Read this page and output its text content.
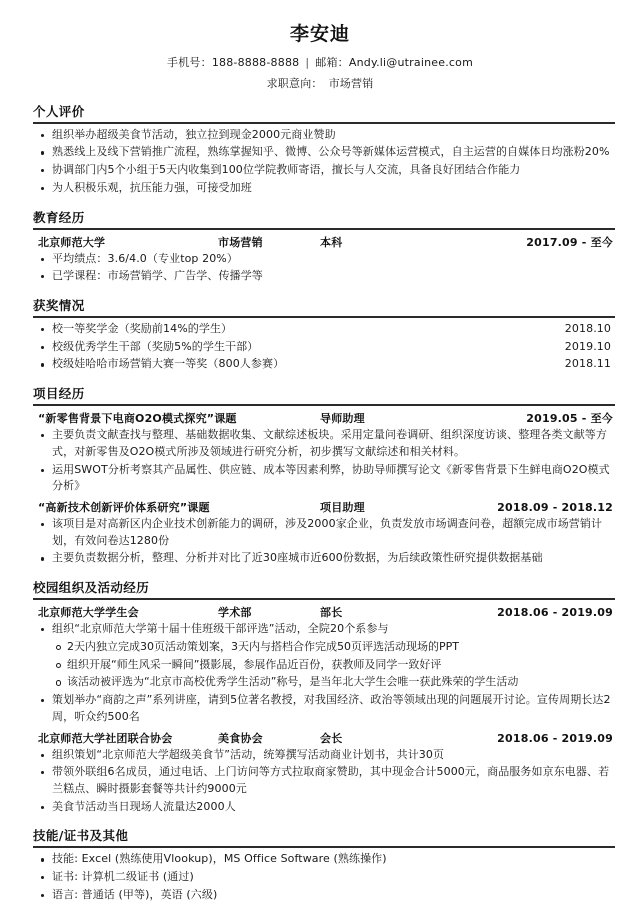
李安迪
手机号：188-8888-8888 | 邮箱：Andy.li@utrainee.com
求职意向： 市场营销
个人评价
组织举办超级美食节活动，独立拉到现金2000元商业赞助
熟悉线上及线下营销推广流程，熟练掌握知乎、微博、公众号等新媒体运营模式，自主运营的自媒体日均涨粉20%
协调部门内5个小组于5天内收集到100位学院教师寄语，擅长与人交流，具备良好团结合作能力
为人积极乐观，抗压能力强，可接受加班
教育经历
北京师范大学	市场营销	本科	2017.09 - 至今
平均绩点：3.6/4.0（专业top 20%）
已学课程：市场营销学、广告学、传播学等
获奖情况
校一等奖学金（奖励前14%的学生）	2018.10
校级优秀学生干部（奖励5%的学生干部）	2019.10
校级娃哈哈市场营销大赛一等奖（800人参赛）	2018.11
项目经历
“新零售背景下电商O2O模式探究”课题	导师助理	2019.05 - 至今
主要负责文献查找与整理、基础数据收集、文献综述板块。采用定量问卷调研、组织深度访谈、整理各类文献等方式，对新零售及O2O模式所涉及领域进行研究分析，初步撰写文献综述和相关材料。
运用SWOT分析考察其产品属性、供应链、成本等因素利弊，协助导师撰写论文《新零售背景下生鲜电商O2O模式分析》
“高新技术创新评价体系研究”课题	项目助理	2018.09 - 2018.12
该项目是对高新区内企业技术创新能力的调研，涉及2000家企业，负责发放市场调查问卷，超额完成市场营销计划，有效问卷达1280份
主要负责数据分析，整理、分析并对比了近30座城市近600份数据，为后续政策性研究提供数据基础
校园组织及活动经历
北京师范大学学生会	学术部	部长	2018.06 - 2019.09
组织“北京师范大学第十届十佳班级干部评选”活动，全院20个系参与
2天内独立完成30页活动策划案，3天内与搭档合作完成50页评选活动现场的PPT
组织开展“师生风采一瞬间”摄影展，参展作品近百份，获教师及同学一致好评
该活动被评选为“北京市高校优秀学生活动”称号，是当年北大学生会唯一获此殊荣的学生活动
策划举办“商韵之声”系列讲座，请到5位著名教授，对我国经济、政治等领域出现的问题展开讨论。宣传周期长达2周，听众约500名
北京师范大学社团联合协会	美食协会	会长	2018.06 - 2019.09
组织策划“北京师范大学超级美食节”活动，统筹撰写活动商业计划书，共计30页
带领外联组6名成员，通过电话、上门访问等方式拉取商家赞助，其中现金合计5000元，商品服务如京东电器、若兰糕点、瞬时摄影套餐等共计约9000元
美食节活动当日现场人流量达2000人
技能/证书及其他
技能: Excel (熟练使用Vlookup)，MS Office Software (熟练操作)
证书: 计算机二级证书 (通过)
语言: 普通话 (甲等)，英语 (六级)
